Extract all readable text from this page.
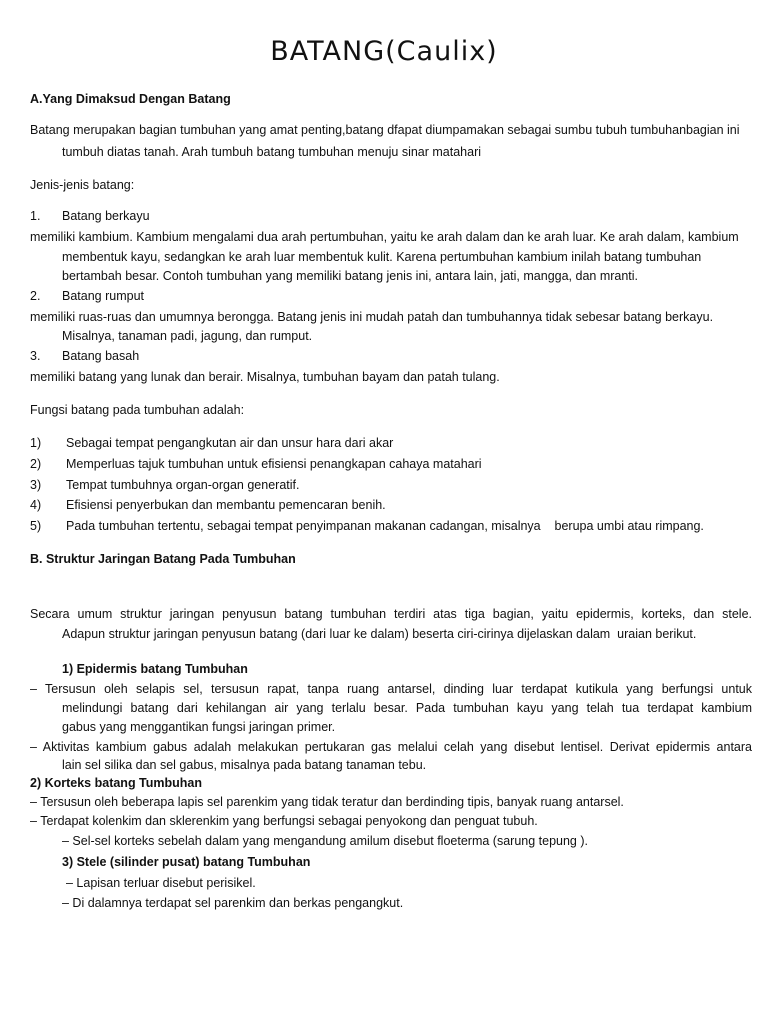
BATANG(Caulix)
A.Yang Dimaksud Dengan Batang
Batang merupakan bagian tumbuhan yang amat penting,batang dfapat diumpamakan sebagai sumbu tubuh tumbuhanbagian ini
tumbuh diatas tanah. Arah tumbuh batang tumbuhan menuju sinar matahari
Jenis-jenis batang:
1. Batang berkayu
memiliki kambium. Kambium mengalami dua arah pertumbuhan, yaitu ke arah dalam dan ke arah luar. Ke arah dalam, kambium
membentuk kayu, sedangkan ke arah luar membentuk kulit. Karena pertumbuhan kambium inilah batang tumbuhan
bertambah besar. Contoh tumbuhan yang memiliki batang jenis ini, antara lain, jati, mangga, dan mranti.
2. Batang rumput
memiliki ruas-ruas dan umumnya berongga. Batang jenis ini mudah patah dan tumbuhannya tidak sebesar batang berkayu.
Misalnya, tanaman padi, jagung, dan rumput.
3. Batang basah
memiliki batang yang lunak dan berair. Misalnya, tumbuhan bayam dan patah tulang.
Fungsi batang pada tumbuhan adalah:
1) Sebagai tempat pengangkutan air dan unsur hara dari akar
2) Memperluas tajuk tumbuhan untuk efisiensi penangkapan cahaya matahari
3) Tempat tumbuhnya organ-organ generatif.
4) Efisiensi penyerbukan dan membantu pemencaran benih.
5) Pada tumbuhan tertentu, sebagai tempat penyimpanan makanan cadangan, misalnya    berupa umbi atau rimpang.
B. Struktur Jaringan Batang Pada Tumbuhan
Secara umum struktur jaringan penyusun batang tumbuhan terdiri atas tiga bagian, yaitu epidermis, korteks, dan stele.
Adapun struktur jaringan penyusun batang (dari luar ke dalam) beserta ciri-cirinya dijelaskan dalam  uraian berikut.
1) Epidermis batang Tumbuhan
– Tersusun oleh selapis sel, tersusun rapat, tanpa ruang antarsel, dinding luar terdapat kutikula yang berfungsi untuk
melindungi batang dari kehilangan air yang terlalu besar. Pada tumbuhan kayu yang telah tua terdapat kambium
gabus yang menggantikan fungsi jaringan primer.
– Aktivitas kambium gabus adalah melakukan pertukaran gas melalui celah yang disebut lentisel. Derivat epidermis antara
lain sel silika dan sel gabus, misalnya pada batang tanaman tebu.
2) Korteks batang Tumbuhan
– Tersusun oleh beberapa lapis sel parenkim yang tidak teratur dan berdinding tipis, banyak ruang antarsel.
– Terdapat kolenkim dan sklerenkim yang berfungsi sebagai penyokong dan penguat tubuh.
– Sel-sel korteks sebelah dalam yang mengandung amilum disebut floeterma (sarung tepung ).
3) Stele (silinder pusat) batang Tumbuhan
– Lapisan terluar disebut perisikel.
– Di dalamnya terdapat sel parenkim dan berkas pengangkut.
